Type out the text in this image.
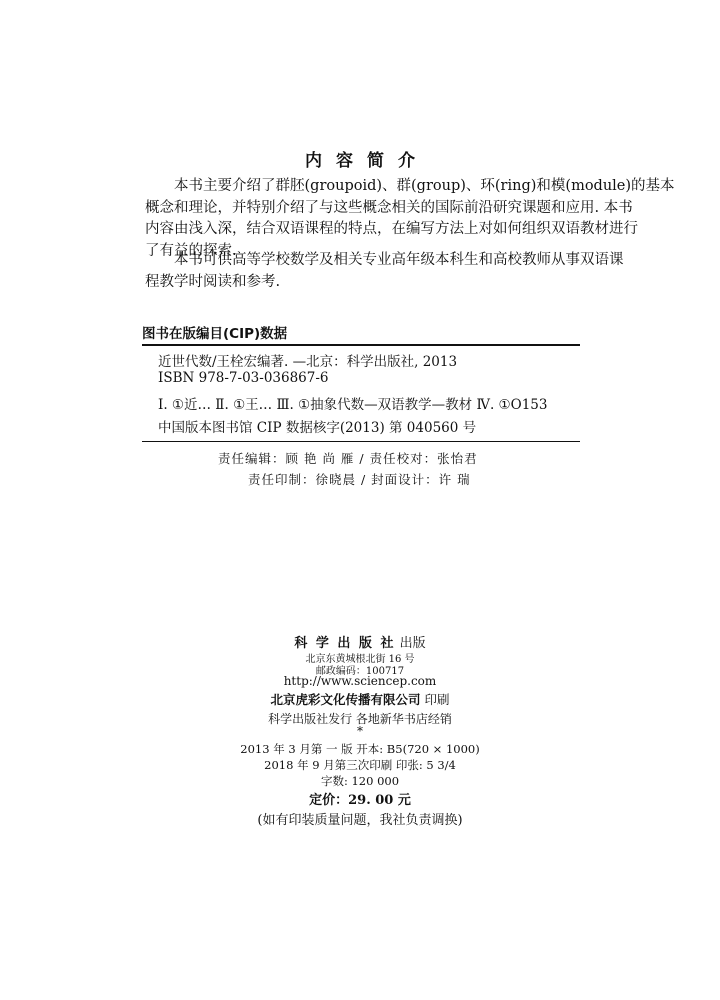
内容简介
本书主要介绍了群胚(groupoid)、群(group)、环(ring)和模(module)的基本
概念和理论，并特别介绍了与这些概念相关的国际前沿研究课题和应用. 本书
内容由浅入深，结合双语课程的特点，在编写方法上对如何组织双语教材进行
了有益的探索.
本书可供高等学校数学及相关专业高年级本科生和高校教师从事双语课
程教学时阅读和参考.
图书在版编目(CIP)数据
近世代数/王栓宏编著. —北京：科学出版社, 2013
ISBN 978-7-03-036867-6
Ⅰ. ①近… Ⅱ. ①王… Ⅲ. ①抽象代数—双语教学—教材 Ⅳ. ①O153
中国版本图书馆 CIP 数据核字(2013) 第 040560 号
责任编辑：顾 艳 尚 雁 / 责任校对：张怡君
责任印制：徐晓晨 / 封面设计：许 瑞
科 学 出 版 社 出版
北京东黄城根北街 16 号
邮政编码：100717
http://www.sciencep.com
北京虎彩文化传播有限公司 印刷
科学出版社发行 各地新华书店经销
*
2013 年 3 月第 一 版 开本: B5(720 × 1000)
2018 年 9 月第三次印刷 印张: 5 3/4
字数: 120 000
定价：29. 00 元
(如有印装质量问题，我社负责调换)
